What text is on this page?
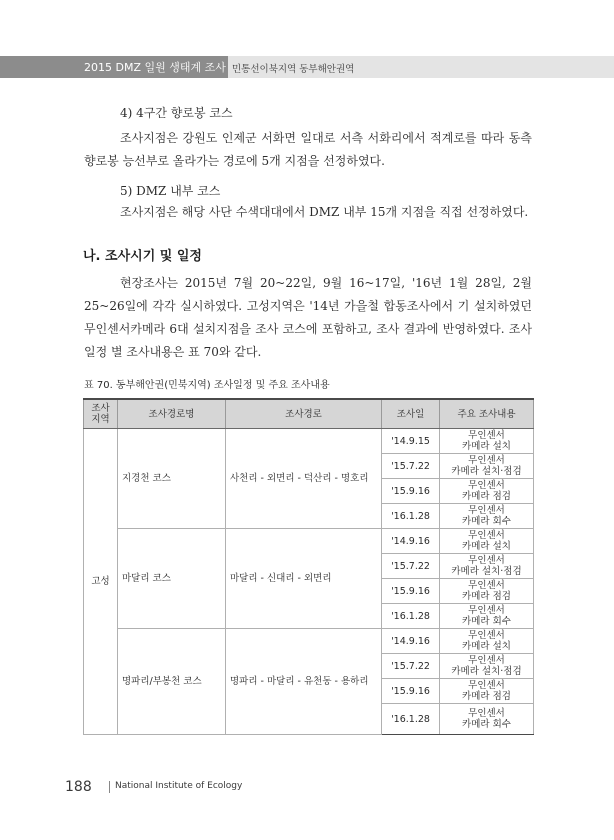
2015 DMZ 일원 생태계 조사 민통선이북지역 동부해안권역
4) 4구간 향로봉 코스
조사지점은 강원도 인제군 서화면 일대로 서측 서화리에서 적계로를 따라 동측 향로봉 능선부로 올라가는 경로에 5개 지점을 선정하였다.
5) DMZ 내부 코스
조사지점은 해당 사단 수색대대에서 DMZ 내부 15개 지점을 직접 선정하였다.
나. 조사시기 및 일정
현장조사는 2015년 7월 20~22일, 9월 16~17일, '16년 1월 28일, 2월 25~26일에 각각 실시하였다. 고성지역은 '14년 가을철 합동조사에서 기 설치하였던 무인센서카메라 6대 설치지점을 조사 코스에 포함하고, 조사 결과에 반영하였다. 조사일정 별 조사내용은 표 70와 같다.
표 70. 동부해안권(민북지역) 조사일정 및 주요 조사내용
조사
지역	조사경로명	조사경로	조사일	주요 조사내용
고성	지경천 코스	사천리 - 외면리 - 덕산리 - 명호리	'14.9.15	무인센서
카메라 설치
			'15.7.22	무인센서
카메라 설치·점검
			'15.9.16	무인센서
카메라 점검
			'16.1.28	무인센서
카메라 회수
	마달리 코스	마달리 - 신대리 - 외면리	'14.9.16	무인센서
카메라 설치
			'15.7.22	무인센서
카메라 설치·점검
			'15.9.16	무인센서
카메라 점검
			'16.1.28	무인센서
카메라 회수
	명파리/부봉천 코스	명파리 - 마달리 - 유천동 - 용하리	'14.9.16	무인센서
카메라 설치
			'15.7.22	무인센서
카메라 설치·점검
			'15.9.16	무인센서
카메라 점검
			'16.1.28	무인센서
카메라 회수
188	National Institute of Ecology
